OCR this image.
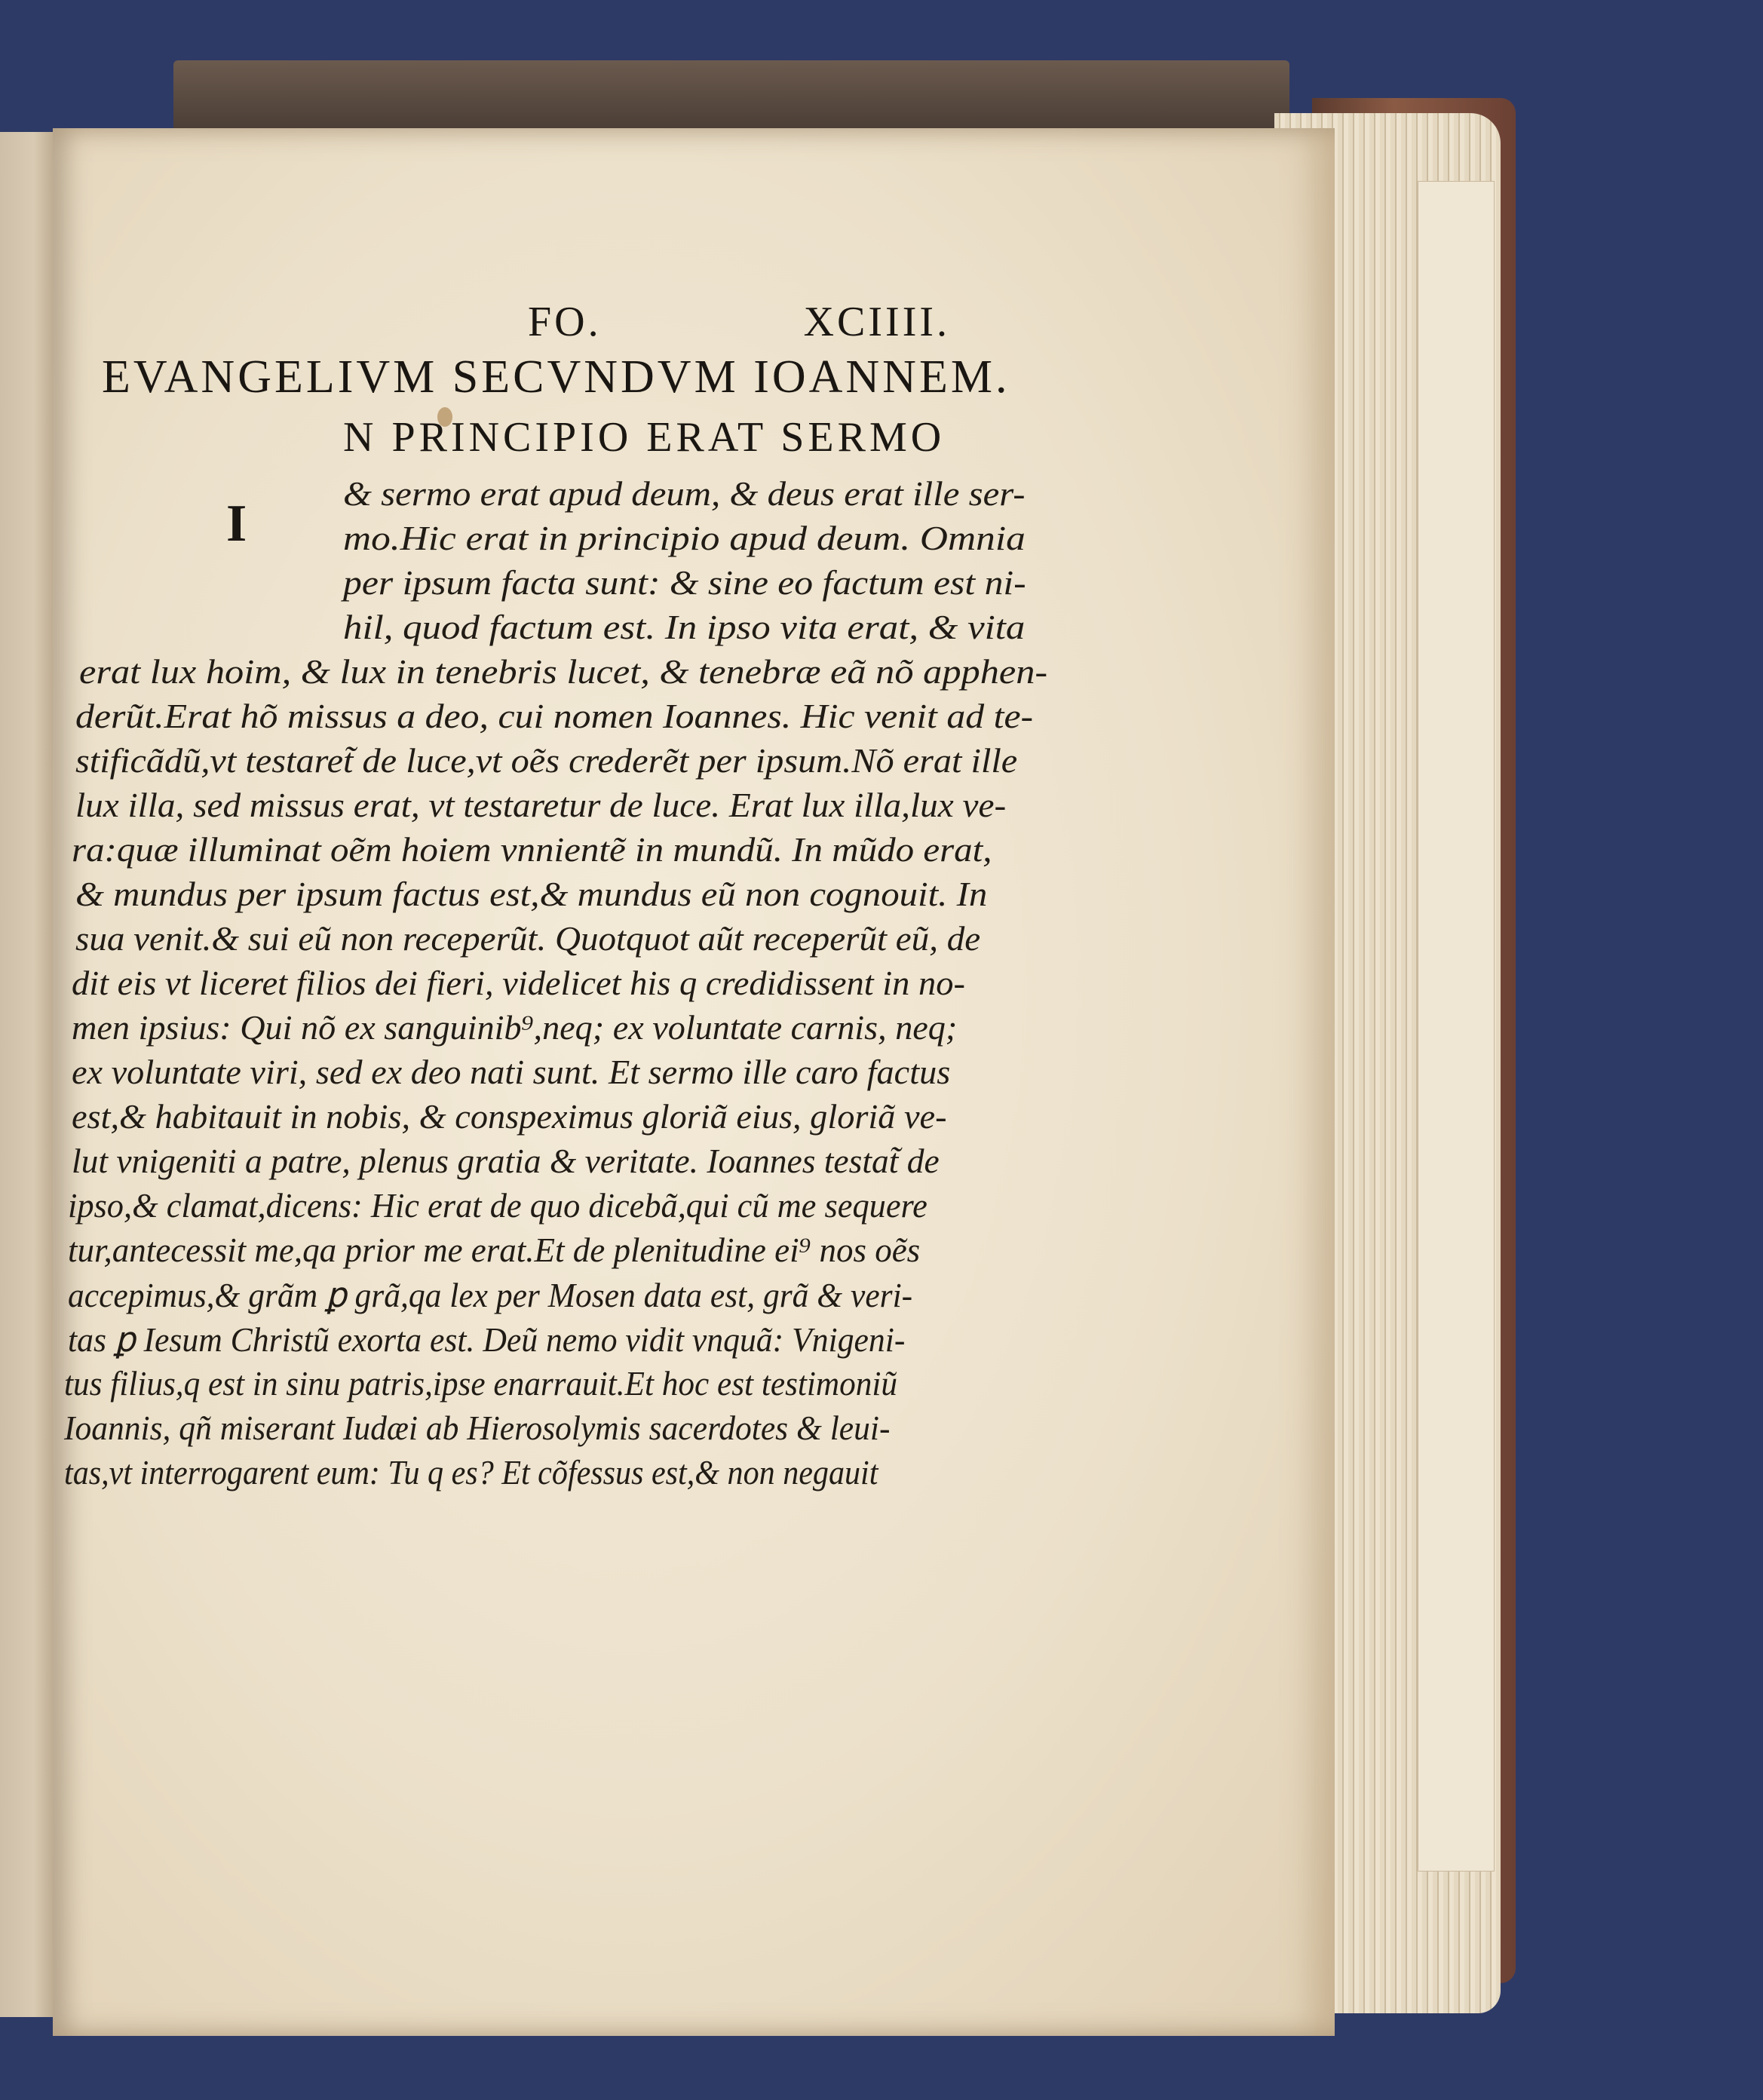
FO.	XCIIII.
EVANGELIVM SECVNDVM IOANNEM.
N PRINCIPIO ERAT SERMO
I
& sermo erat apud deum, & deus erat ille ser-
mo.Hic erat in principio apud deum. Omnia
per ipsum facta sunt: & sine eo factum est ni-
hil, quod factum est. In ipso vita erat, & vita
erat lux hoim, & lux in tenebris lucet, & tenebræ eã nõ apphen-
derũt.Erat hõ missus a deo, cui nomen Ioannes. Hic venit ad te-
stificãdũ,vt testaret̃ de luce,vt oẽs crederẽt per ipsum.Nõ erat ille
lux illa, sed missus erat, vt testaretur de luce. Erat lux illa,lux ve-
ra:quæ illuminat oẽm hoiem vnnientẽ in mundũ. In mũdo erat,
& mundus per ipsum factus est,& mundus eũ non cognouit. In
sua venit.& sui eũ non receperũt. Quotquot aũt receperũt eũ, de
dit eis vt liceret filios dei fieri, videlicet his q credidissent in no-
men ipsius: Qui nõ ex sanguinib⁹,neq; ex voluntate carnis, neq;
ex voluntate viri, sed ex deo nati sunt. Et sermo ille caro factus
est,& habitauit in nobis, & conspeximus gloriã eius, gloriã ve-
lut vnigeniti a patre, plenus gratia & veritate. Ioannes testat̃ de
ipso,& clamat,dicens: Hic erat de quo dicebã,qui cũ me sequere
tur,antecessit me,qa prior me erat.Et de plenitudine ei⁹ nos oẽs
accepimus,& grãm ꝑ grã,qa lex per Mosen data est, grã & veri-
tas ꝑ Iesum Christũ exorta est. Deũ nemo vidit vnquã: Vnigeni-
tus filius,q est in sinu patris,ipse enarrauit.Et hoc est testimoniũ
Ioannis, qñ miserant Iudæi ab Hierosolymis sacerdotes & leui-
tas,vt interrogarent eum: Tu q es? Et cõfessus est,& non negauit
